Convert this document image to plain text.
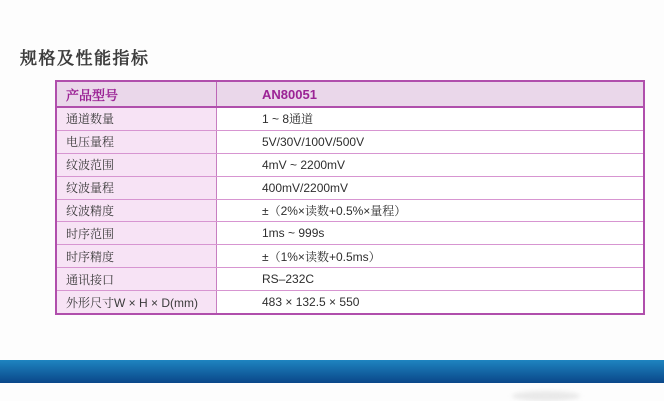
规格及性能指标
产品型号	AN80051
通道数量	1 ~ 8通道
电压量程	5V/30V/100V/500V
纹波范围	4mV ~ 2200mV
纹波量程	400mV/2200mV
纹波精度	±（2%×读数+0.5%×量程）
时序范围	1ms ~ 999s
时序精度	±（1%×读数+0.5ms）
通讯接口	RS–232C
外形尺寸W × H × D(mm)	483 × 132.5 × 550
